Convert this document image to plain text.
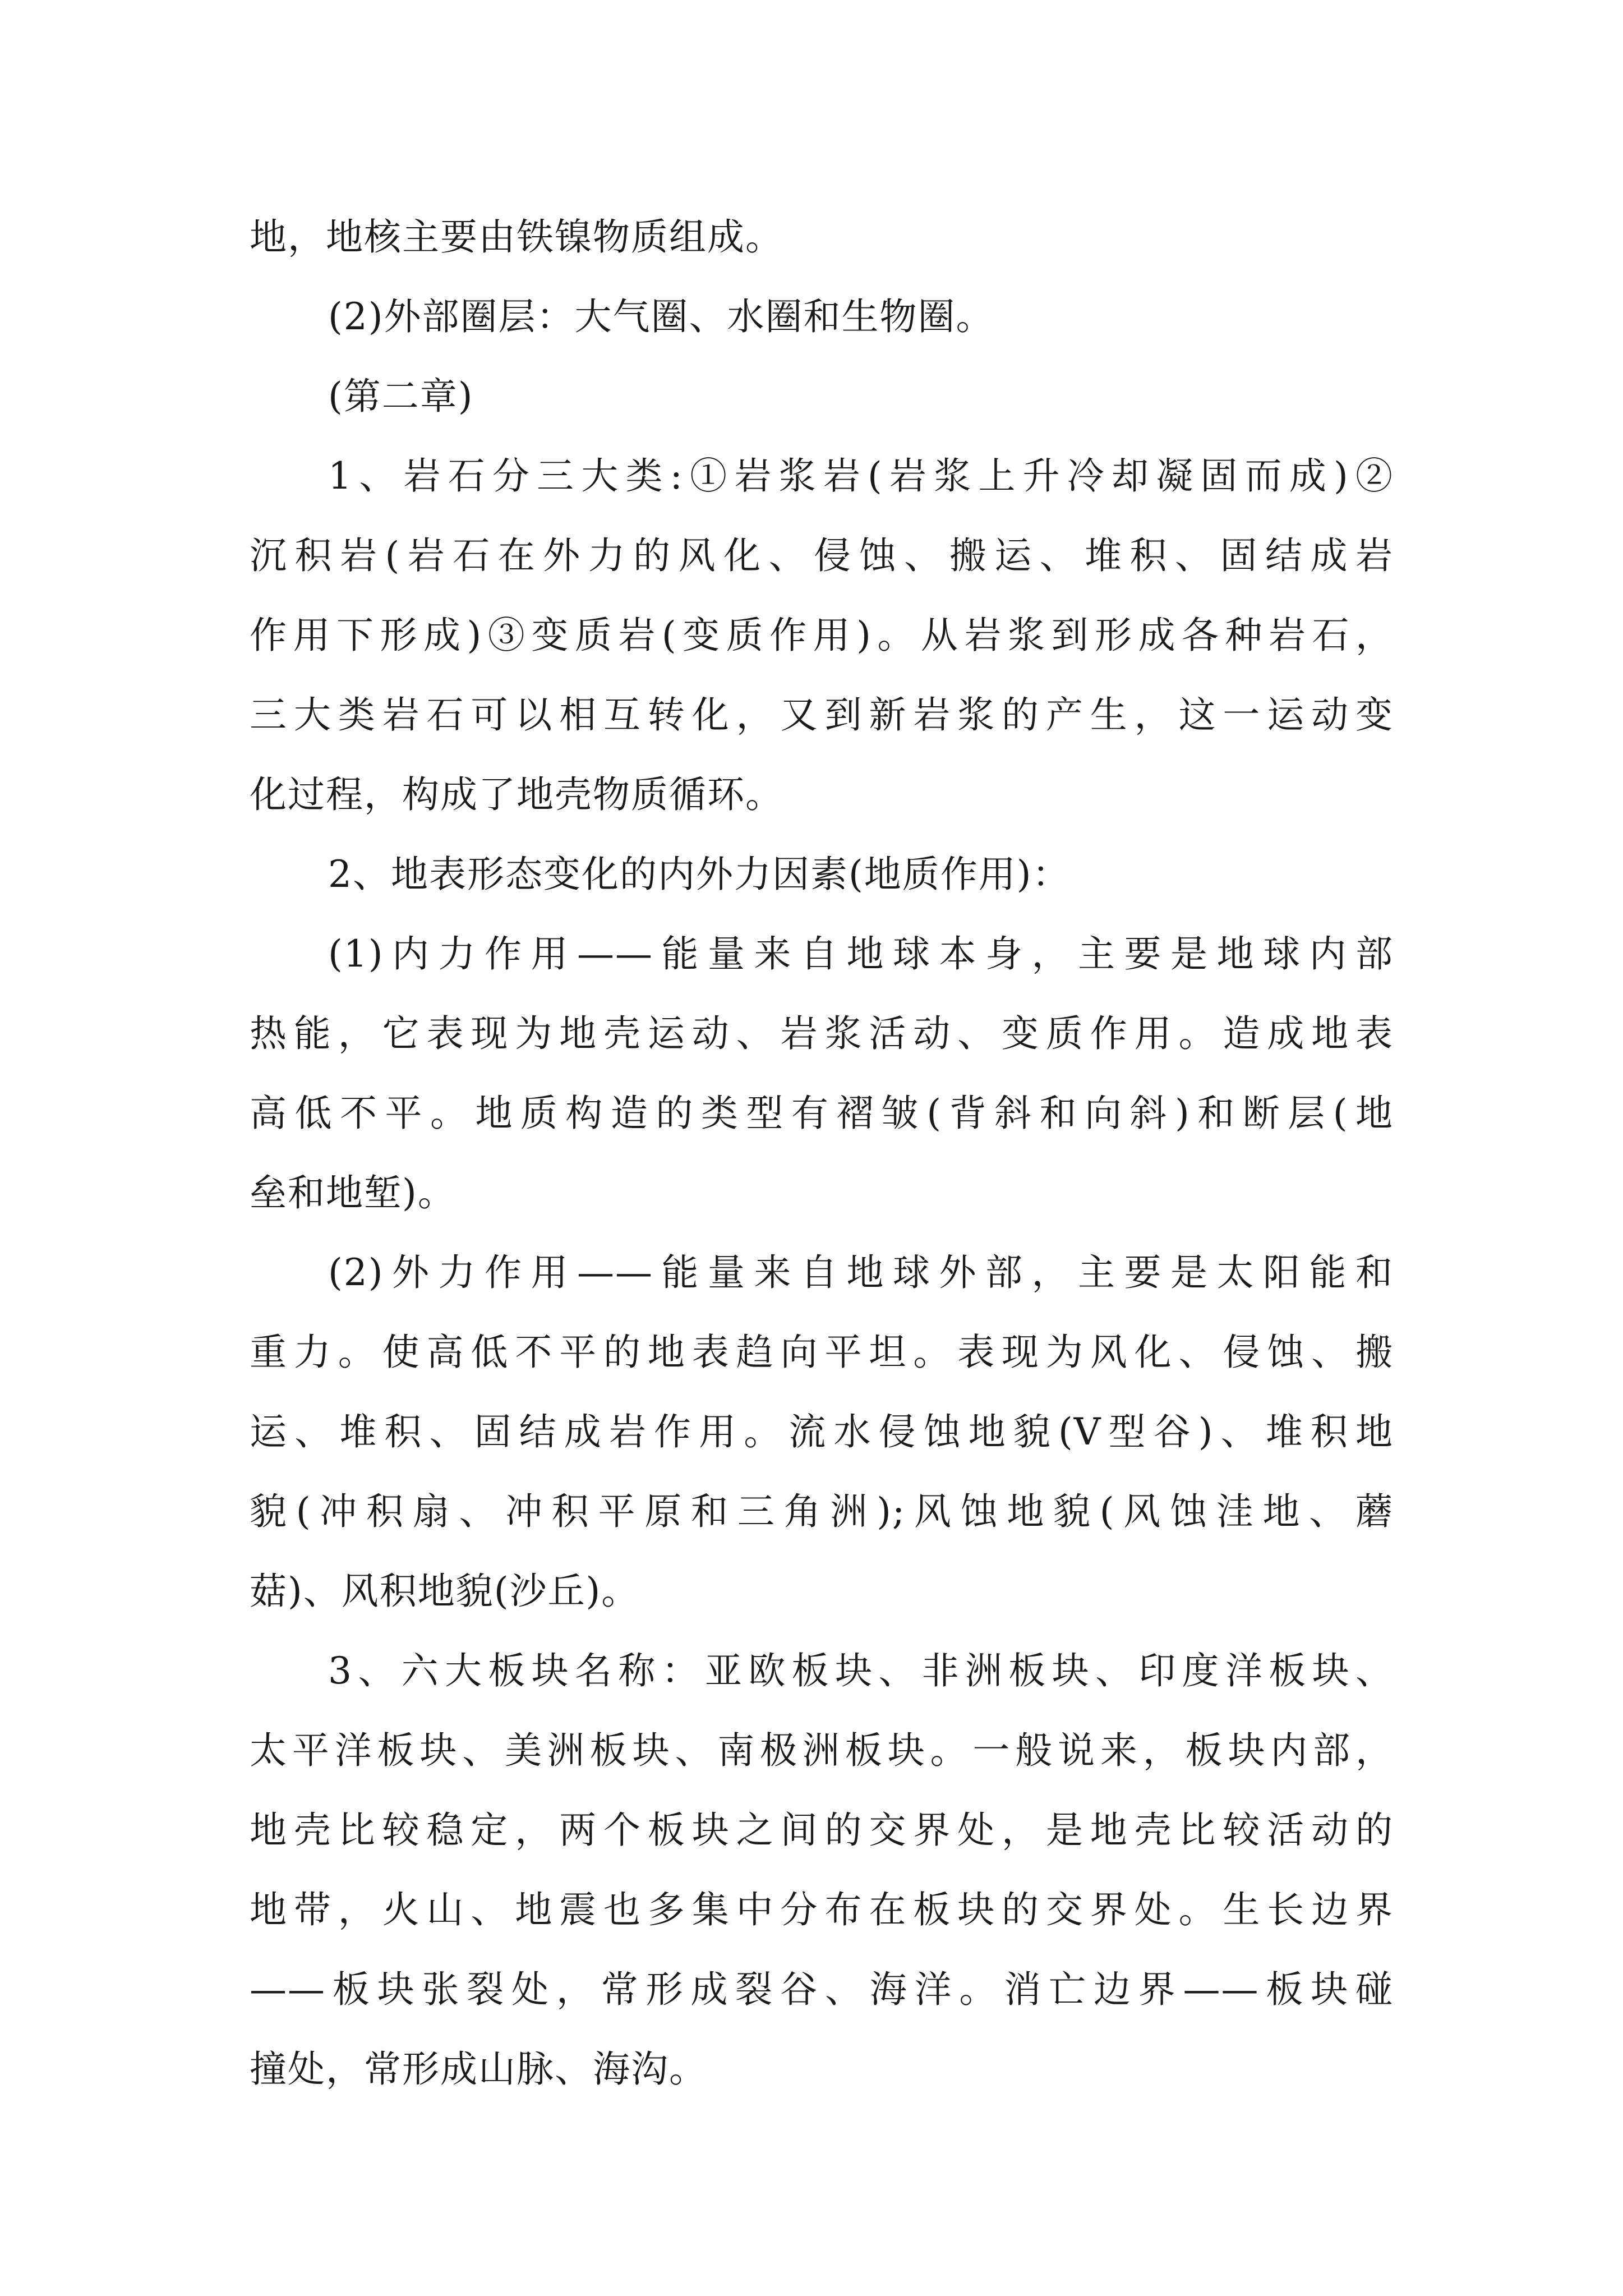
地，地核主要由铁镍物质组成。
(2)外部圈层：大气圈、水圈和生物圈。
(第二章)
1、岩石分三大类:①岩浆岩(岩浆上升冷却凝固而成)②
沉积岩(岩石在外力的风化、侵蚀、搬运、堆积、固结成岩
作用下形成)③变质岩(变质作用)。从岩浆到形成各种岩石，
三大类岩石可以相互转化，又到新岩浆的产生，这一运动变
化过程，构成了地壳物质循环。
2、地表形态变化的内外力因素(地质作用)：
(1)内力作用——能量来自地球本身，主要是地球内部
热能，它表现为地壳运动、岩浆活动、变质作用。造成地表
高低不平。地质构造的类型有褶皱(背斜和向斜)和断层(地
垒和地堑)。
(2)外力作用——能量来自地球外部，主要是太阳能和
重力。使高低不平的地表趋向平坦。表现为风化、侵蚀、搬
运、堆积、固结成岩作用。流水侵蚀地貌(V型谷)、堆积地
貌(冲积扇、冲积平原和三角洲);风蚀地貌(风蚀洼地、蘑
菇)、风积地貌(沙丘)。
3、六大板块名称：亚欧板块、非洲板块、印度洋板块、
太平洋板块、美洲板块、南极洲板块。一般说来，板块内部，
地壳比较稳定，两个板块之间的交界处，是地壳比较活动的
地带，火山、地震也多集中分布在板块的交界处。生长边界
——板块张裂处，常形成裂谷、海洋。消亡边界——板块碰
撞处，常形成山脉、海沟。
